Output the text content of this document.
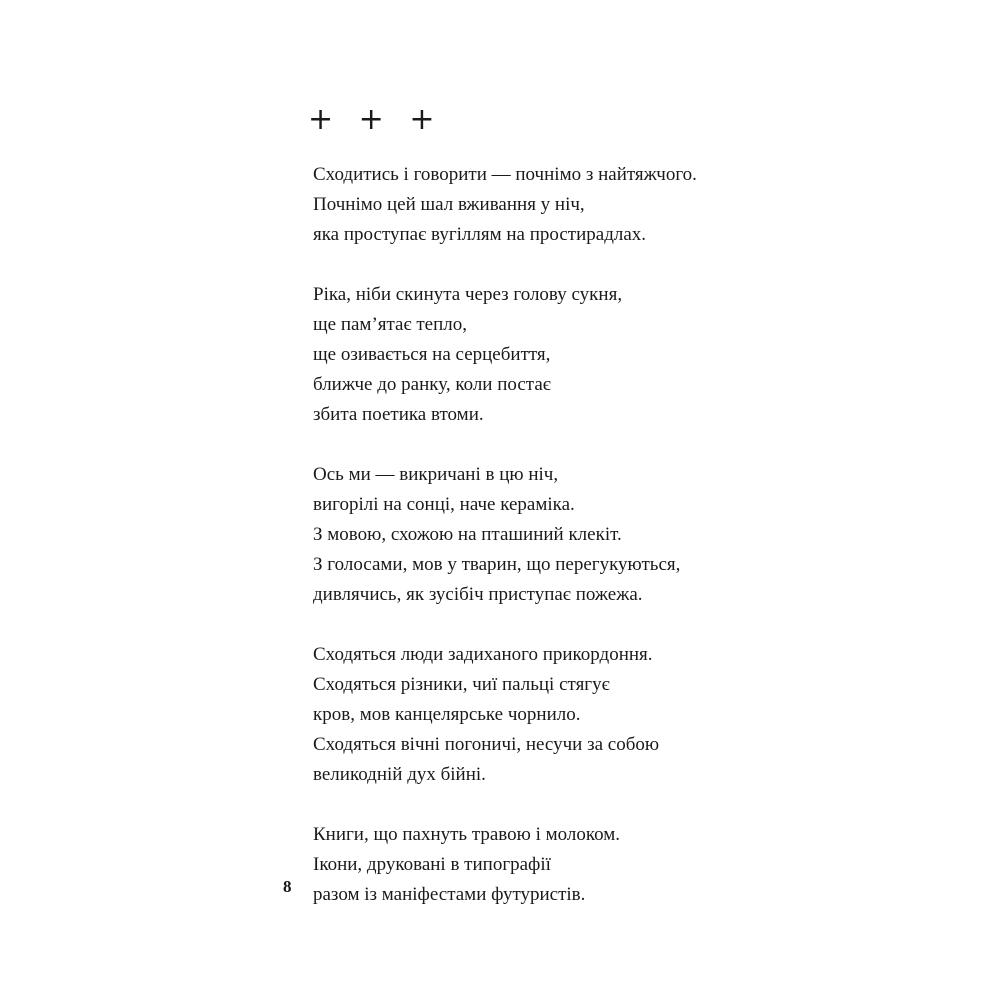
+ + +
Сходитись і говорити — почнімо з найтяжчого.
Почнімо цей шал вживання у ніч,
яка проступає вугіллям на простирадлах.
Ріка, ніби скинута через голову сукня,
ще пам’ятає тепло,
ще озивається на серцебиття,
ближче до ранку, коли постає
збита поетика втоми.
Ось ми — викричані в цю ніч,
вигорілі на сонці, наче кераміка.
З мовою, схожою на пташиний клекіт.
З голосами, мов у тварин, що перегукуються,
дивлячись, як зусібіч приступає пожежа.
Сходяться люди задиханого прикордоння.
Сходяться різники, чиї пальці стягує
кров, мов канцелярське чорнило.
Сходяться вічні погоничі, несучи за собою
великодній дух бійні.
Книги, що пахнуть травою і молоком.
Ікони, друковані в типографії
разом із маніфестами футуристів.
8
